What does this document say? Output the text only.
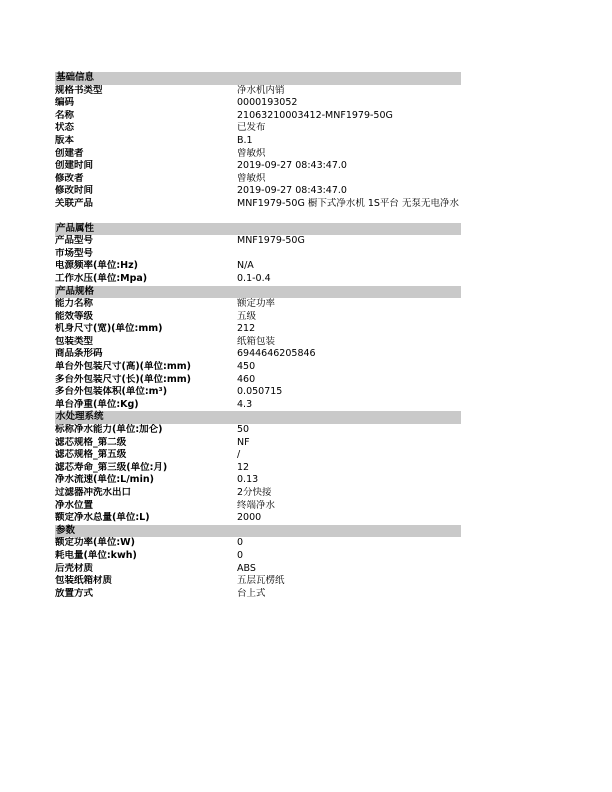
基础信息
规格书类型	净水机内销
编码	0000193052
名称	21063210003412-MNF1979-50G
状态	已发布
版本	B.1
创建者	曾敏炽
创建时间	2019-09-27 08:43:47.0
修改者	曾敏炽
修改时间	2019-09-27 08:43:47.0
关联产品	MNF1979-50G 橱下式净水机 1S平台 无泵无电净水
产品属性
产品型号	MNF1979-50G
市场型号
电源频率(单位:Hz)	N/A
工作水压(单位:Mpa)	0.1-0.4
产品规格
能力名称	额定功率
能效等级	五级
机身尺寸(宽)(单位:mm)	212
包装类型	纸箱包装
商品条形码	6944646205846
单台外包装尺寸(高)(单位:mm)	450
多台外包装尺寸(长)(单位:mm)	460
多台外包装体积(单位:m³)	0.050715
单台净重(单位:Kg)	4.3
水处理系统
标称净水能力(单位:加仑)	50
滤芯规格_第二级	NF
滤芯规格_第五级	/
滤芯寿命_第三级(单位:月)	12
净水流速(单位:L/min)	0.13
过滤器冲洗水出口	2分快接
净水位置	终端净水
额定净水总量(单位:L)	2000
参数
额定功率(单位:W)	0
耗电量(单位:kwh)	0
后壳材质	ABS
包装纸箱材质	五层瓦楞纸
放置方式	台上式
